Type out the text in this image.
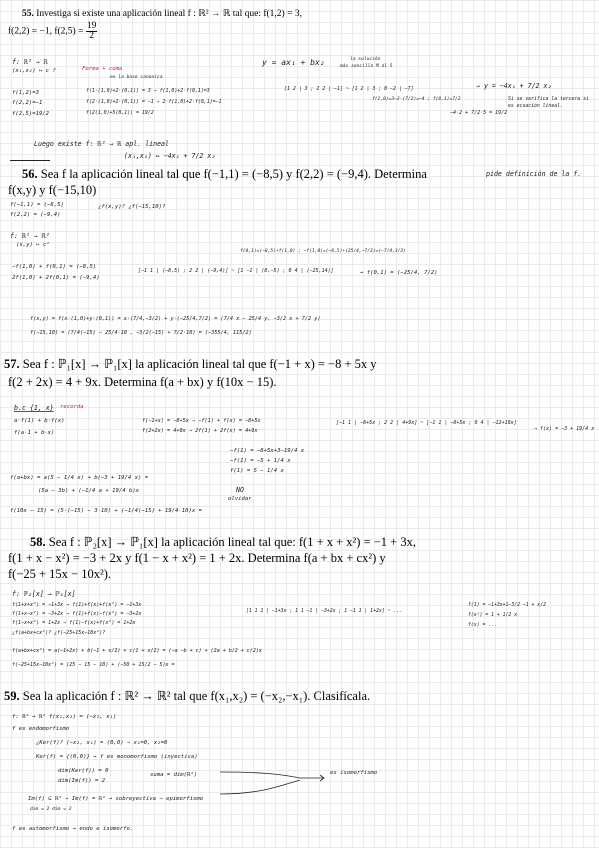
55. Investiga si existe una aplicación lineal f : ℝ² → ℝ tal que: f(1,2) = 3,
f(2,2) = −1, $f(2,5) = \frac{19}{2}$
f: ℝ² → ℝ
(x₁,x₂) ↦ c ?	Forma + coma
en la base canonica
y = ax₁ + bx₂	la solución
más sencilla M al 5
f(1,2)=3
f(2,2)=−1
f(2,5)=19/2
f(1·(1,0)+2·(0,1)) = 3 → f(1,0)+2·f(0,1)=3
f(2·(1,0)+2·(0,1)) = −1 → 2·f(1,0)+2·f(0,1)=−1
f(2(1,0)+5(0,1)) = 19/2
[1 2 | 3 ; 2 2 | −1] ~ [1 2 | 3 ; 0 −2 | −7]
f(1,0)=3−2·(7/2)=−4 ; f(0,1)=7/2
→ y = −4x₁ + 7/2 x₂
−4·2 + 7/2·5 = 19/2
Si se verifica la tercera si es ecuación lineal.
Luego existe f: ℝ² → ℝ apl. lineal
(x₁,x₂) ↦ −4x₁ + 7/2 x₂
56. Sea f la aplicación lineal tal que f(−1,1) = (−8,5) y f(2,2) = (−9,4). Determina	pide definición de la f.
f(x,y) y f(−15,10)
f(−1,1) = (−8,5)
f(2,2) = (−9,4)
¿f(x,y)? ¿f(−15,10)?
f: ℝ² → ℝ²
(x,y) ↦ c²
f(0,1)=(−8,5)+f(1,0) ; −f(1,0)=(−8,5)+(25/4,−7/2)=(−7/4,3/2)
−f(1,0) + f(0,1) = (−8,5)
2f(1,0) + 2f(0,1) = (−9,4)
[−1 1 | (−8,5) ; 2 2 | (−9,4)] ~ [1 −1 | (8,−5) ; 0 4 | (−25,14)]	→ f(0,1) = (−25/4, 7/2)
f(x,y) = f(x·(1,0)+y·(0,1)) = x·(7/4,−3/2) + y·(−25/4,7/2) = (7/4 x − 25/4 y, −3/2 x + 7/2 y)
f(−15,10) = (7/4(−15) − 25/4·10 , −3/2(−15) + 7/2·10) = (−355/4, 115/2)
57. Sea f : ℙ₁[x] → ℙ₁[x] la aplicación lineal tal que f(−1 + x) = −8 + 5x y
f(2 + 2x) = 4 + 9x. Determina f(a + bx) y f(10x − 15).
b.c {1, x} recorda
a·f(1) + b·f(x)
f(a·1 + b·x)
f(−1+x) = −8+5x → −f(1) + f(x) = −8+5x
f(2+2x) = 4+9x → 2f(1) + 2f(x) = 4+9x
[−1 1 | −8+5x ; 2 2 | 4+9x] ~ [−1 1 | −8+5x ; 0 4 | −12+19x]
→ f(x) = −3 + 19/4 x
−f(1) = −8+5x+3−19/4 x
−f(1) = −5 + 1/4 x
f(1) = 5 − 1/4 x
f(a+bx) = a(5 − 1/4 x) + b(−3 + 19/4 x) =
(5a − 3b) + (−1/4 a + 19/4 b)x	NO
olvidar
f(10x − 15) = (5·(−15) − 3·10) + (−1/4(−15) + 19/4·10)x =
58. Sea f : ℙ₂[x] → ℙ₁[x] la aplicación lineal tal que: f(1 + x + x²) = −1 + 3x,
f(1 + x − x²) = −3 + 2x y f(1 − x + x²) = 1 + 2x. Determina f(a + bx + cx²) y
f(−25 + 15x − 10x²).
f: ℙ₂[x] → ℙ₁[x]
f(1+x+x²) = −1+3x → f(1)+f(x)+f(x²) = −1+3x
f(1+x−x²) = −3+2x → f(1)+f(x)−f(x²) = −3+2x
f(1−x+x²) = 1+2x → f(1)−f(x)+f(x²) = 1+2x
¿f(a+bx+cx²)? ¿f(−25+15x−10x²)?
[1 1 1 | −1+3x ; 1 1 −1 | −3+2x ; 1 −1 1 | 1+2x] ~ ...
f(1) = −1+3x+1−3/2 −1 + x/2
f(x²) = 1 + 1/2 x
f(x) = ...
f(a+bx+cx²) = a(−1+2x) + b(−1 + x/2) + c(1 + x/2) = (−a −b + c) + (2a + b/2 + c/2)x
f(−25+15x−10x²) = (25 − 15 − 10) + (−50 + 15/2 − 5)x =
59. Sea la aplicación f : ℝ² → ℝ² tal que f(x₁,x₂) = (−x₂,−x₁). Clasifícala.
f: ℝ² → ℝ² f(x₁,x₂) = (−x₂, x₁)
f es endomorfismo
¿Ker(f)? (−x₂, x₁) = (0,0) ⇒ x₁=0, x₂=0
Ker(f) = {(0,0)} → f es monomorfismo (inyectiva)
dim(Ker(f)) = 0
dim(Im(f)) = 2
suma = dim(ℝ²)	es isomorfismo
Im(f) ⊆ ℝ² ⇒ Im(f) = ℝ² → sobreyectiva ⇒ epimorfismo
dim = 2 dim = 2
f es automorfismo → endo e isomorfo.
